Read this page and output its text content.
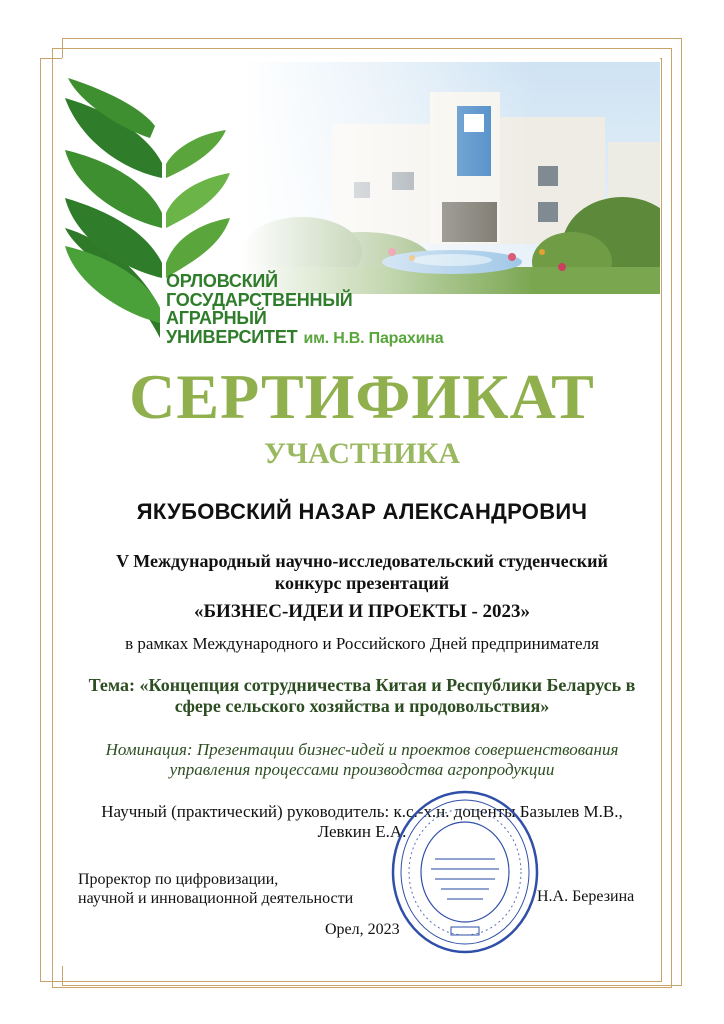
ОРЛОВСКИЙ
ГОСУДАРСТВЕННЫЙ
АГРАРНЫЙ
УНИВЕРСИТЕТ им. Н.В. Парахина
СЕРТИФИКАТ
УЧАСТНИКА
ЯКУБОВСКИЙ НАЗАР АЛЕКСАНДРОВИЧ
V Международный научно-исследовательский студенческий
конкурс презентаций
«БИЗНЕС-ИДЕИ И ПРОЕКТЫ - 2023»
в рамках Международного и Российского Дней предпринимателя
Тема: «Концепция сотрудничества Китая и Республики Беларусь в
сфере сельского хозяйства и продовольствия»
Номинация: Презентации бизнес-идей и проектов совершенствования
управления процессами производства агропродукции
Научный (практический) руководитель: к.с.-х.н. доценты Базылев М.В.,
Левкин Е.А.
Проректор по цифровизации,
научной и инновационной деятельности	Н.А. Березина
Орел, 2023
